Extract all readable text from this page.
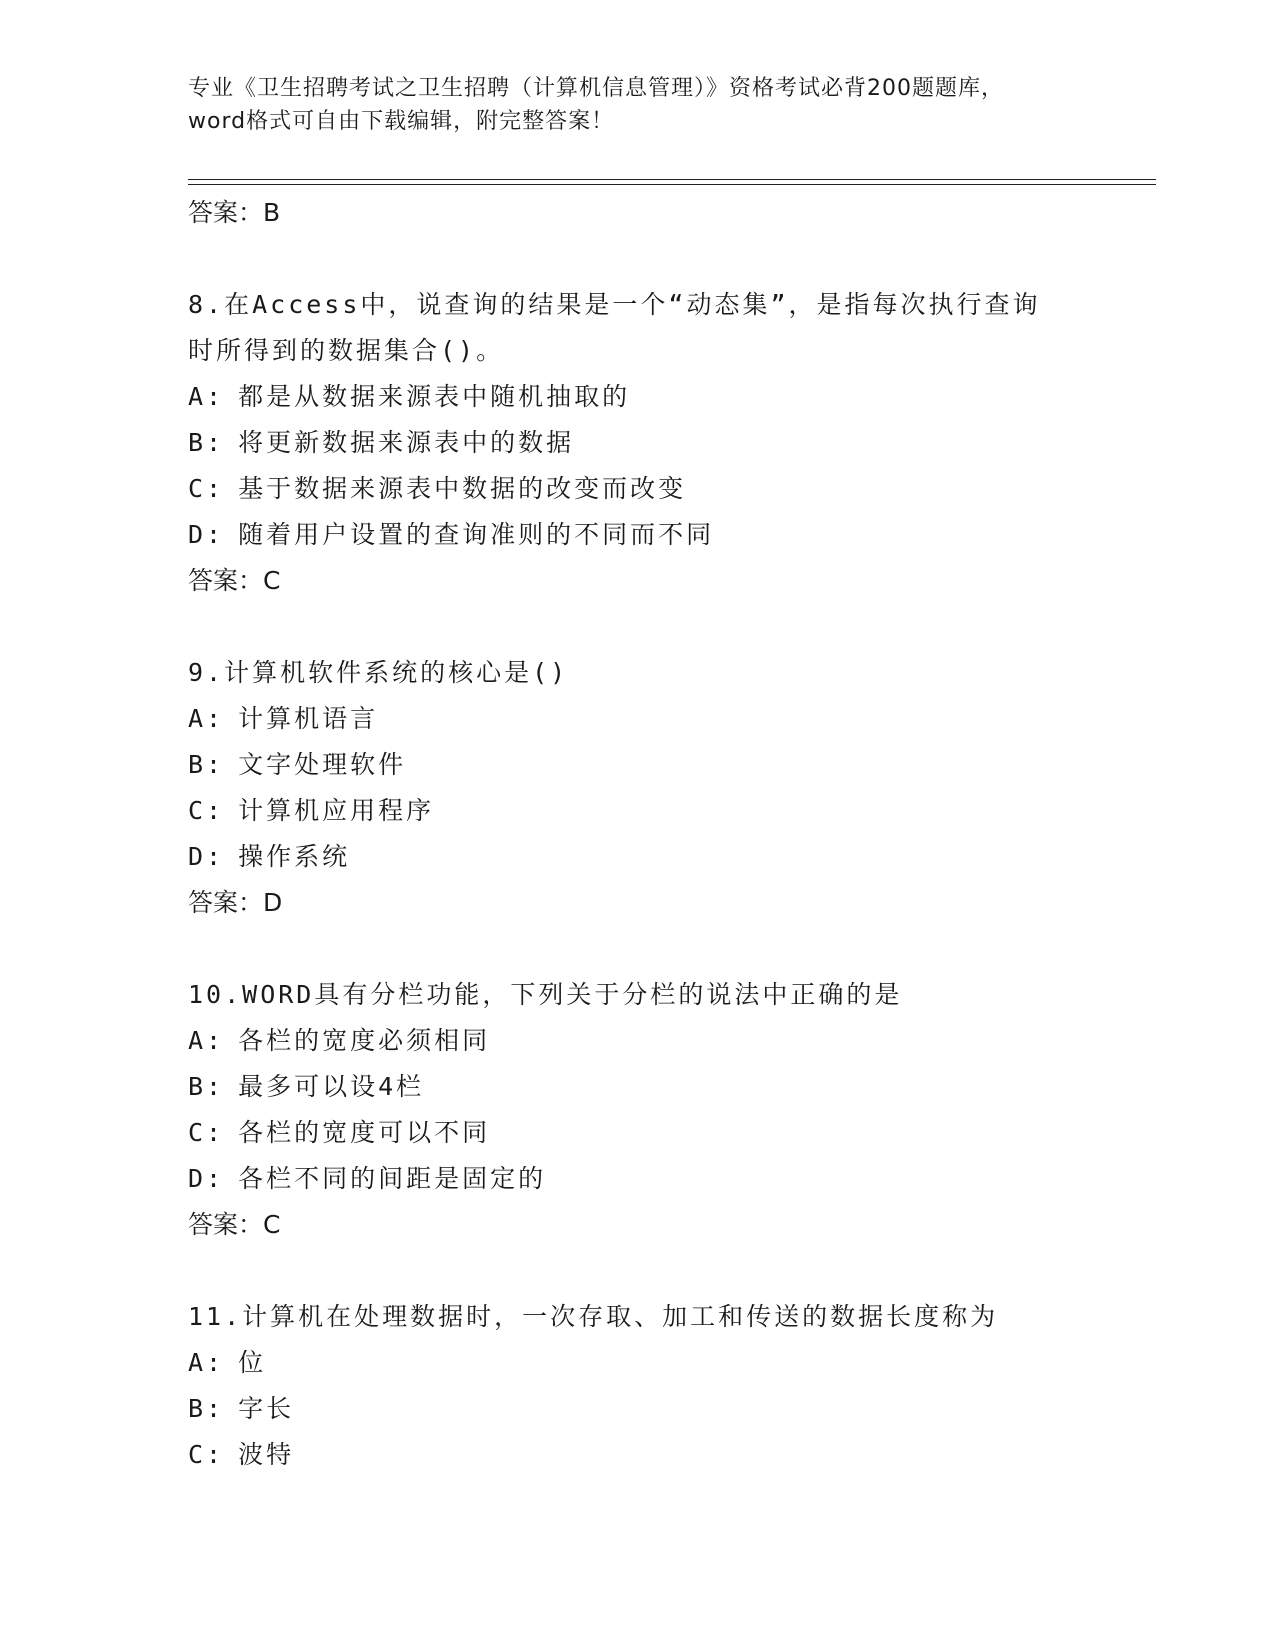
专业《卫生招聘考试之卫生招聘（计算机信息管理）》资格考试必背200题题库，
word格式可自由下载编辑，附完整答案！
答案：B
8.在Access中，说查询的结果是一个“动态集”，是指每次执行查询
时所得到的数据集合()。
A: 都是从数据来源表中随机抽取的
B: 将更新数据来源表中的数据
C: 基于数据来源表中数据的改变而改变
D: 随着用户设置的查询准则的不同而不同
答案：C
9.计算机软件系统的核心是()
A: 计算机语言
B: 文字处理软件
C: 计算机应用程序
D: 操作系统
答案：D
10.WORD具有分栏功能，下列关于分栏的说法中正确的是
A: 各栏的宽度必须相同
B: 最多可以设4栏
C: 各栏的宽度可以不同
D: 各栏不同的间距是固定的
答案：C
11.计算机在处理数据时，一次存取、加工和传送的数据长度称为
A: 位
B: 字长
C: 波特
